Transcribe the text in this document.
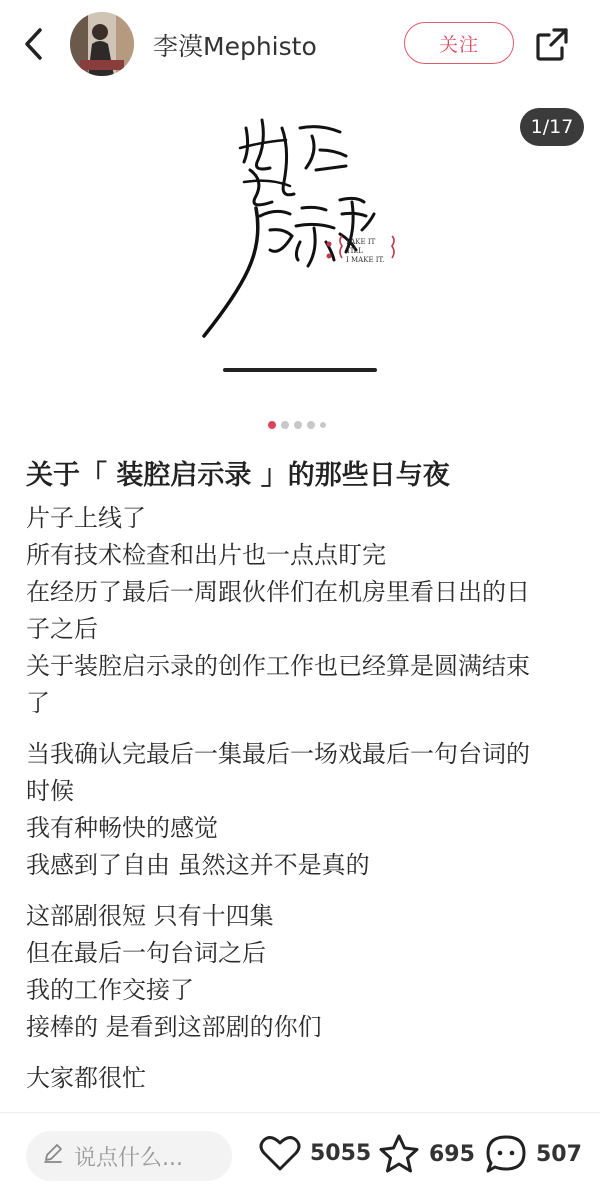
李漠Mephisto	关注
FAKE IT
TILL
I MAKE IT.
1/17
关于「 装腔启示录 」的那些日与夜
片子上线了
所有技术检查和出片也一点点盯完
在经历了最后一周跟伙伴们在机房里看日出的日
子之后
关于装腔启示录的创作工作也已经算是圆满结束
了
当我确认完最后一集最后一场戏最后一句台词的
时候
我有种畅快的感觉
我感到了自由 虽然这并不是真的
这部剧很短 只有十四集
但在最后一句台词之后
我的工作交接了
接棒的 是看到这部剧的你们
大家都很忙
说点什么...	5055	695	507
